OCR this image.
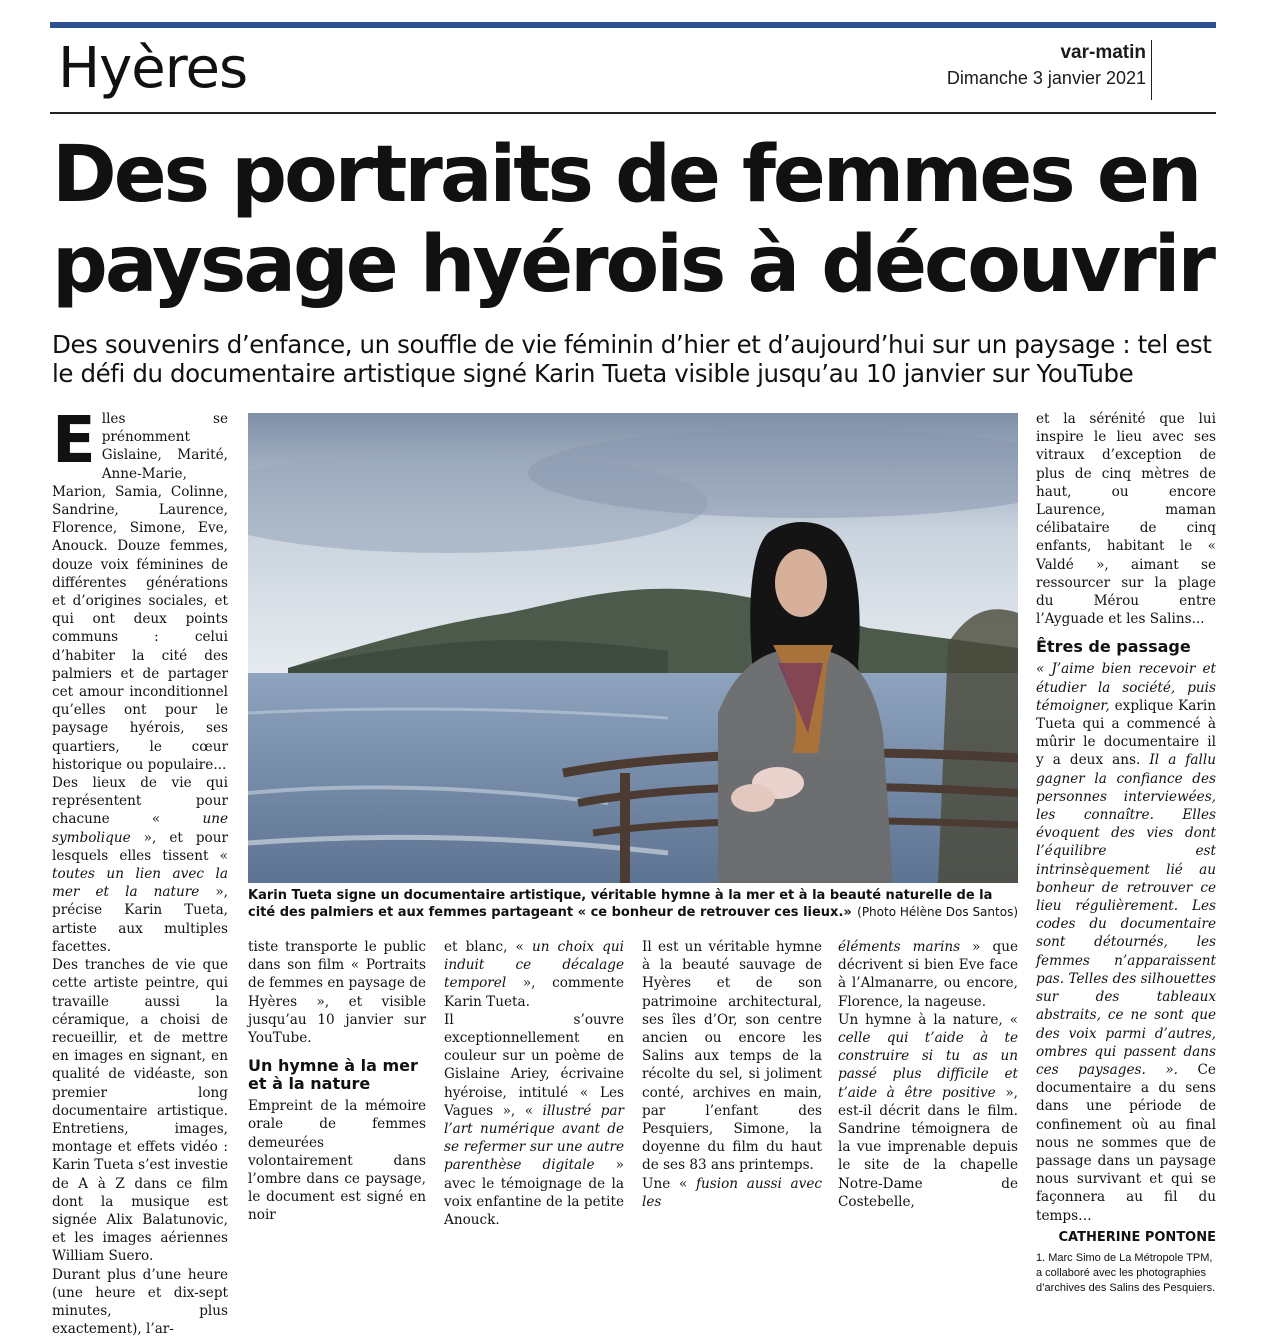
Hyères	var-matin
Dimanche 3 janvier 2021
Des portraits de femmes en
paysage hyérois à découvrir
Des souvenirs d’enfance, un souffle de vie féminin d’hier et d’aujourd’hui sur un paysage : tel est le défi du documentaire artistique signé Karin Tueta visible jusqu’au 10 janvier sur YouTube

Elles se prénomment Gislaine, Marité, Anne-Marie, Marion, Samia, Colinne, Sandrine, Laurence, Florence, Simone, Eve, Anouck. Douze femmes, douze voix féminines de différentes générations et d’origines sociales, et qui ont deux points communs : celui d’habiter la cité des palmiers et de partager cet amour inconditionnel qu’elles ont pour le paysage hyérois, ses quartiers, le cœur historique ou populaire...

Des lieux de vie qui représentent pour chacune « une symbolique », et pour lesquels elles tissent « toutes un lien avec la mer et la nature », précise Karin Tueta, artiste aux multiples facettes.

Des tranches de vie que cette artiste peintre, qui travaille aussi la céramique, a choisi de recueillir, et de mettre en images en signant, en qualité de vidéaste, son premier long documentaire artistique. Entretiens, images, montage et effets vidéo : Karin Tueta s’est investie de A à Z dans ce film dont la musique est signée Alix Balatunovic, et les images aériennes William Suero.

Durant plus d’une heure (une heure et dix-sept minutes, plus exactement), l’ar-

Karin Tueta signe un documentaire artistique, véritable hymne à la mer et à la beauté naturelle de la cité des palmiers et aux femmes partageant « ce bonheur de retrouver ces lieux.» (Photo Hélène Dos Santos)

tiste transporte le public dans son film « Portraits de femmes en paysage de Hyères », et visible jusqu’au 10 janvier sur YouTube.

Un hymne à la mer et à la nature

Empreint de la mémoire orale de femmes demeurées volontairement dans l’ombre dans ce paysage, le document est signé en noir

et blanc, « un choix qui induit ce décalage temporel », commente Karin Tueta.

Il s’ouvre exceptionnellement en couleur sur un poème de Gislaine Ariey, écrivaine hyéroise, intitulé « Les Vagues », « illustré par l’art numérique avant de se refermer sur une autre parenthèse digitale » avec le témoignage de la voix enfantine de la petite Anouck.

Il est un véritable hymne à la beauté sauvage de Hyères et de son patrimoine architectural, ses îles d’Or, son centre ancien ou encore les Salins aux temps de la récolte du sel, si joliment conté, archives en main, par l’enfant des Pesquiers, Simone, la doyenne du film du haut de ses 83 ans printemps.

Une « fusion aussi avec les

éléments marins » que décrivent si bien Eve face à l’Almanarre, ou encore, Florence, la nageuse.

Un hymne à la nature, « celle qui t’aide à te construire si tu as un passé plus difficile et t’aide à être positive », est-il décrit dans le film. Sandrine témoignera de la vue imprenable depuis le site de la chapelle Notre-Dame de Costebelle,

et la sérénité que lui inspire le lieu avec ses vitraux d’exception de plus de cinq mètres de haut, ou encore Laurence, maman célibataire de cinq enfants, habitant le « Valdé », aimant se ressourcer sur la plage du Mérou entre l’Ayguade et les Salins...

Êtres de passage

« J’aime bien recevoir et étudier la société, puis témoigner, explique Karin Tueta qui a commencé à mûrir le documentaire il y a deux ans. Il a fallu gagner la confiance des personnes interviewées, les connaître. Elles évoquent des vies dont l’équilibre est intrinsèquement lié au bonheur de retrouver ce lieu régulièrement. Les codes du documentaire sont détournés, les femmes n’apparaissent pas. Telles des silhouettes sur des tableaux abstraits, ce ne sont que des voix parmi d’autres, ombres qui passent dans ces paysages. ». Ce documentaire a du sens dans une période de confinement où au final nous ne sommes que de passage dans un paysage nous survivant et qui se façonnera au fil du temps…

CATHERINE PONTONE
1. Marc Simo de La Métropole TPM, a collaboré avec les photographies d’archives des Salins des Pesquiers.
